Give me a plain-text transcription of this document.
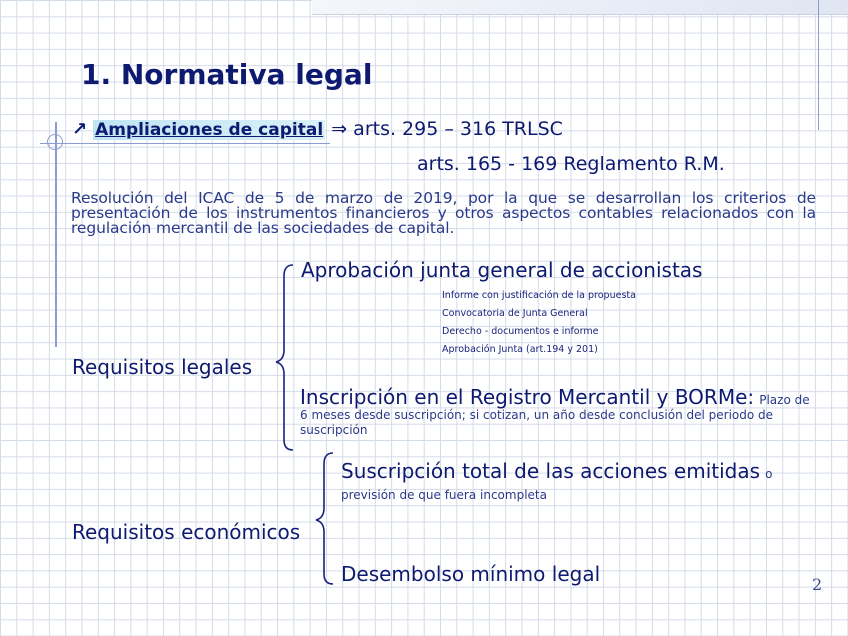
1. Normativa legal
↗ Ampliaciones de capital ⇒ arts. 295 – 316 TRLSC
arts. 165 - 169 Reglamento R.M.
Resolución del ICAC de 5 de marzo de 2019, por la que se desarrollan los criterios de presentación de los instrumentos financieros y otros aspectos contables relacionados con la regulación mercantil de las sociedades de capital.
Aprobación junta general de accionistas
Informe con justificación de la propuesta
Convocatoria de Junta General
Derecho - documentos e informe
Aprobación Junta (art.194 y 201)
Requisitos legales
Inscripción en el Registro Mercantil y BORMe: Plazo de 6 meses desde suscripción; si cotizan, un año desde conclusión del periodo de suscripción
Suscripción total de las acciones emitidas o previsión de que fuera incompleta
Requisitos económicos
Desembolso mínimo legal	2
